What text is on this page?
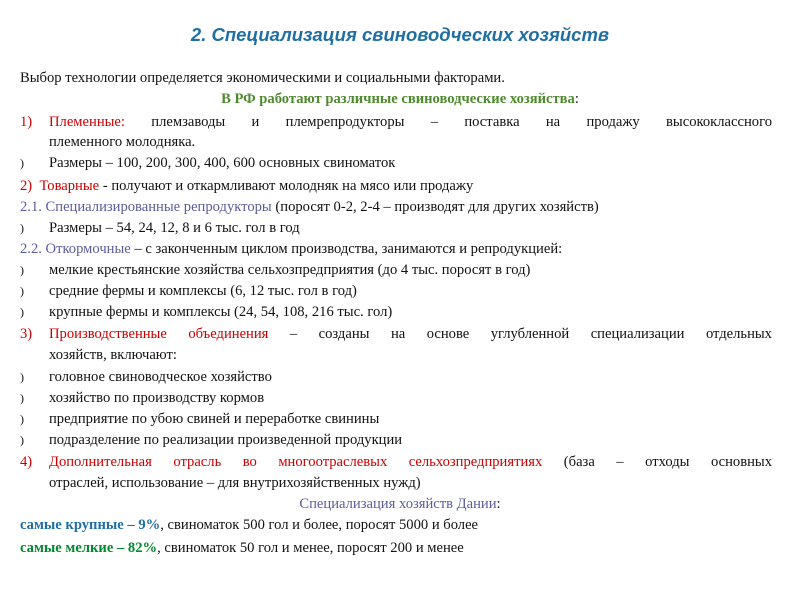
2. Специализация свиноводческих хозяйств
Выбор технологии определяется экономическими и социальными факторами.
В РФ работают различные свиноводческие хозяйства:
1) Племенные: племзаводы и племрепродукторы – поставка на продажу высококлассного
племенного молодняка.
) Размеры – 100, 200, 300, 400, 600 основных свиноматок
2) Товарные - получают и откармливают молодняк на мясо или продажу
2.1. Специализированные репродукторы (поросят 0-2, 2-4 – производят для других хозяйств)
) Размеры – 54, 24, 12, 8 и 6 тыс. гол в год
2.2. Откормочные – с законченным циклом производства, занимаются и репродукцией:
) мелкие крестьянские хозяйства сельхозпредприятия (до 4 тыс. поросят в год)
) средние фермы и комплексы (6, 12 тыс. гол в год)
) крупные фермы и комплексы (24, 54, 108, 216 тыс. гол)
3) Производственные объединения – созданы на основе углубленной специализации отдельных
хозяйств, включают:
) головное свиноводческое хозяйство
) хозяйство по производству кормов
) предприятие по убою свиней и переработке свинины
) подразделение по реализации произведенной продукции
4) Дополнительная отрасль во многоотраслевых сельхозпредприятиях (база – отходы основных
отраслей, использование – для внутрихозяйственных нужд)
Специализация хозяйств Дании:
самые крупные – 9%, свиноматок 500 гол и более, поросят 5000 и более
самые мелкие – 82%, свиноматок 50 гол и менее, поросят 200 и менее
